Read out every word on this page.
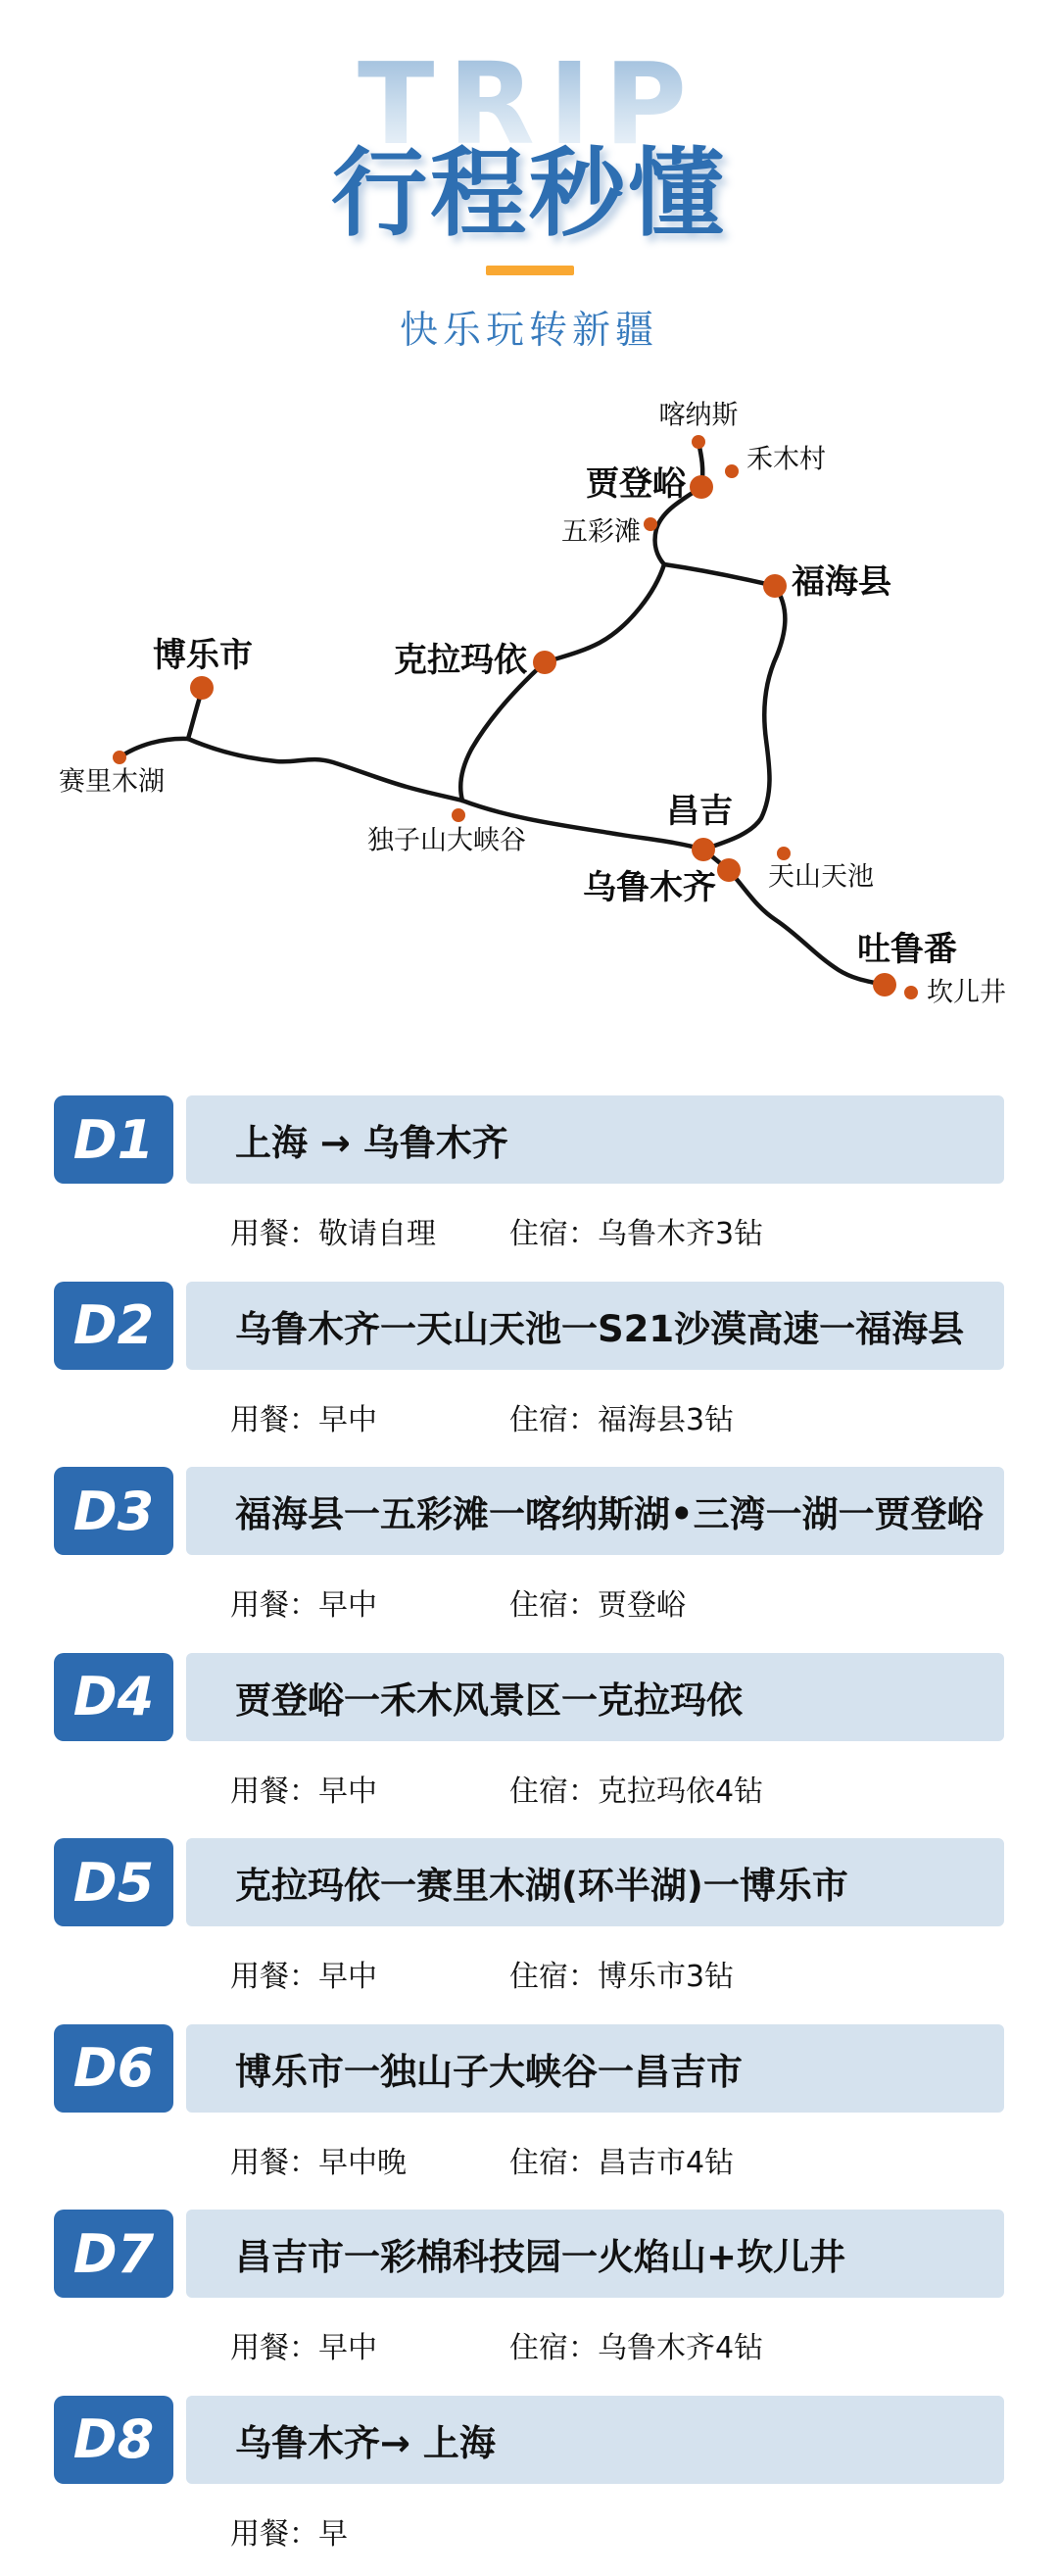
TRIP
行程秒懂
快乐玩转新疆
喀纳斯
禾木村
贾登峪
五彩滩
福海县
博乐市	克拉玛依
赛里木湖
独子山大峡谷
昌吉
乌鲁木齐 天山天池
吐鲁番
坎儿井
D1	上海 → 乌鲁木齐
用餐：敬请自理	住宿：乌鲁木齐3钻
D2	乌鲁木齐一天山天池一S21沙漠高速一福海县
用餐：早中	住宿：福海县3钻
D3	福海县一五彩滩一喀纳斯湖•三湾一湖一贾登峪
用餐：早中	住宿：贾登峪
D4	贾登峪一禾木风景区一克拉玛依
用餐：早中	住宿：克拉玛依4钻
D5	克拉玛依一赛里木湖(环半湖)一博乐市
用餐：早中	住宿：博乐市3钻
D6	博乐市一独山子大峡谷一昌吉市
用餐：早中晚	住宿：昌吉市4钻
D7	昌吉市一彩棉科技园一火焰山+坎儿井
用餐：早中	住宿：乌鲁木齐4钻
D8	乌鲁木齐→ 上海
用餐：早
